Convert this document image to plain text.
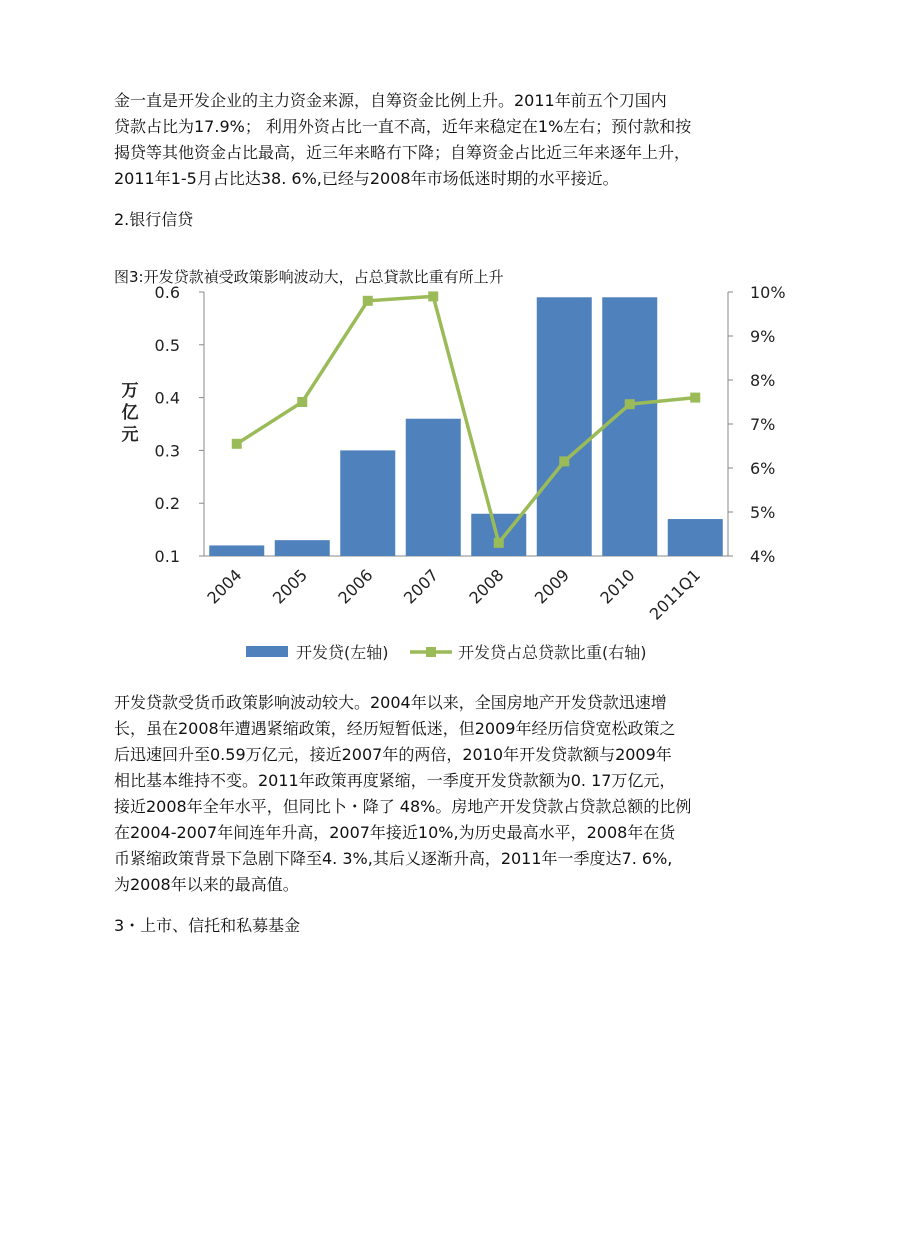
金一直是开发企业的主力资金来源，自筹资金比例上升。2011年前五个刀国内
贷款占比为17.9%； 利用外资占比一直不高，近年来稳定在1%左右；预付款和按
揭贷等其他资金占比最高，近三年来略冇下降；自筹资金占比近三年来逐年上升，
2011年1-5月占比达38. 6%,已经与2008年市场低迷时期的水平接近。
2.银行信贷
图3:开发贷款禎受政策影响波动大，占总貸款比重有所上升
0.1
0.2
0.3
0.4
0.5
0.6
4%
5%
6%
7%
8%
9%
10%
万
亿
元
2004 2005 2006 2007 2008 2009 2010 2011Q1
开发贷(左轴)	开发贷占总贷款比重(右轴)
开发贷款受货币政策影响波动较大。2004年以来，全国房地产开发贷款迅速增
长，虽在2008年遭遇紧缩政策，经历短暂低迷，但2009年经历信贷宽松政策之
后迅速回升至0.59万亿元，接近2007年的两倍，2010年开发贷款额与2009年
相比基本维持不变。2011年政策再度紧缩，一季度开发贷款额为0. 17万亿元，
接近2008年全年水平，但同比卜・降了 48%。房地产开发贷款占贷款总额的比例
在2004-2007年间连年升高，2007年接近10%,为历史最高水平，2008年在货
币紧缩政策背景下急剧下降至4. 3%,其后乂逐渐升高，2011年一季度达7. 6%,
为2008年以来的最高值。
3・上市、信托和私募基金
